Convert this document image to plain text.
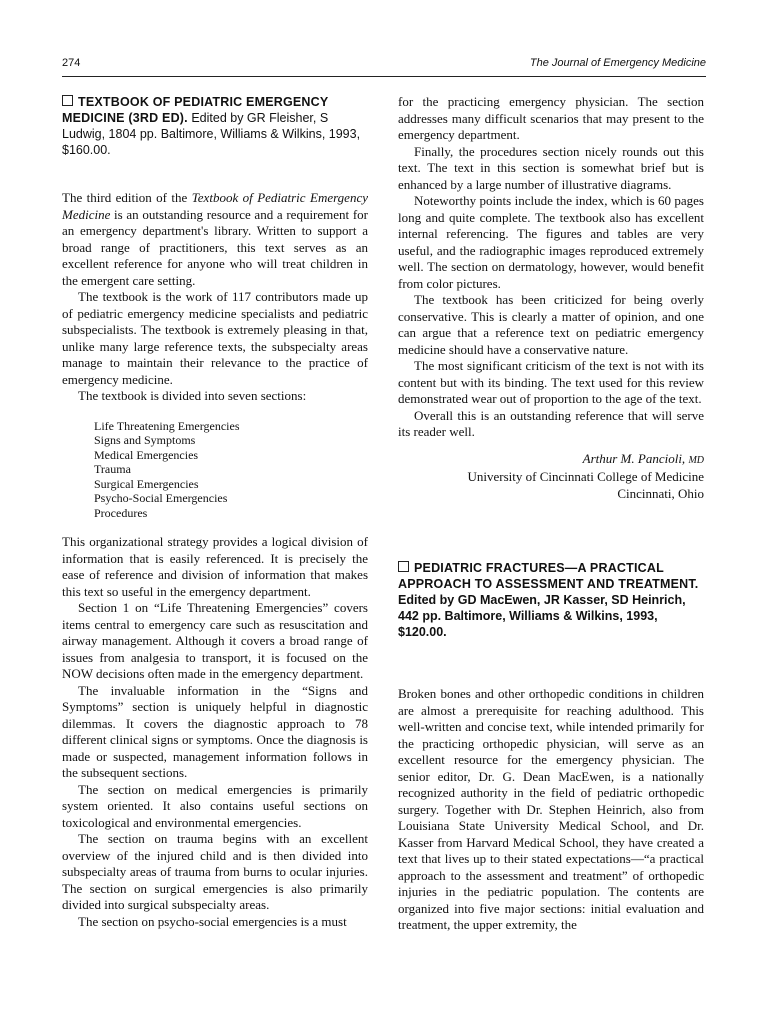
274	The Journal of Emergency Medicine
TEXTBOOK OF PEDIATRIC EMERGENCY MEDICINE (3RD ED). Edited by GR Fleisher, S Ludwig, 1804 pp. Baltimore, Williams & Wilkins, 1993, $160.00.

The third edition of the Textbook of Pediatric Emergency Medicine is an outstanding resource and a requirement for an emergency department's library. Written to support a broad range of practitioners, this text serves as an excellent reference for anyone who will treat children in the emergent care setting.

The textbook is the work of 117 contributors made up of pediatric emergency medicine specialists and pediatric subspecialists. The textbook is extremely pleasing in that, unlike many large reference texts, the subspecialty areas manage to maintain their relevance to the practice of emergency medicine.

The textbook is divided into seven sections:

Life Threatening Emergencies
Signs and Symptoms
Medical Emergencies
Trauma
Surgical Emergencies
Psycho-Social Emergencies
Procedures

This organizational strategy provides a logical division of information that is easily referenced. It is precisely the ease of reference and division of information that makes this text so useful in the emergency department.

Section 1 on “Life Threatening Emergencies” covers items central to emergency care such as resuscitation and airway management. Although it covers a broad range of issues from analgesia to transport, it is focused on the NOW decisions often made in the emergency department.

The invaluable information in the “Signs and Symptoms” section is uniquely helpful in diagnostic dilemmas. It covers the diagnostic approach to 78 different clinical signs or symptoms. Once the diagnosis is made or suspected, management information follows in the subsequent sections.

The section on medical emergencies is primarily system oriented. It also contains useful sections on toxicological and environmental emergencies.

The section on trauma begins with an excellent overview of the injured child and is then divided into subspecialty areas of trauma from burns to ocular injuries. The section on surgical emergencies is also primarily divided into surgical subspecialty areas.

The section on psycho-social emergencies is a must

for the practicing emergency physician. The section addresses many difficult scenarios that may present to the emergency department.

Finally, the procedures section nicely rounds out this text. The text in this section is somewhat brief but is enhanced by a large number of illustrative diagrams.

Noteworthy points include the index, which is 60 pages long and quite complete. The textbook also has excellent internal referencing. The figures and tables are very useful, and the radiographic images reproduced extremely well. The section on dermatology, however, would benefit from color pictures.

The textbook has been criticized for being overly conservative. This is clearly a matter of opinion, and one can argue that a reference text on pediatric emergency medicine should have a conservative nature.

The most significant criticism of the text is not with its content but with its binding. The text used for this review demonstrated wear out of proportion to the age of the text.

Overall this is an outstanding reference that will serve its reader well.

Arthur M. Pancioli, MD
University of Cincinnati College of Medicine
Cincinnati, Ohio
PEDIATRIC FRACTURES—A PRACTICAL APPROACH TO ASSESSMENT AND TREATMENT. Edited by GD MacEwen, JR Kasser, SD Heinrich, 442 pp. Baltimore, Williams & Wilkins, 1993, $120.00.

Broken bones and other orthopedic conditions in children are almost a prerequisite for reaching adulthood. This well-written and concise text, while intended primarily for the practicing orthopedic physician, will serve as an excellent resource for the emergency physician. The senior editor, Dr. G. Dean MacEwen, is a nationally recognized authority in the field of pediatric orthopedic surgery. Together with Dr. Stephen Heinrich, also from Louisiana State University Medical School, and Dr. Kasser from Harvard Medical School, they have created a text that lives up to their stated expectations—“a practical approach to the assessment and treatment” of orthopedic injuries in the pediatric population. The contents are organized into five major sections: initial evaluation and treatment, the upper extremity, the
